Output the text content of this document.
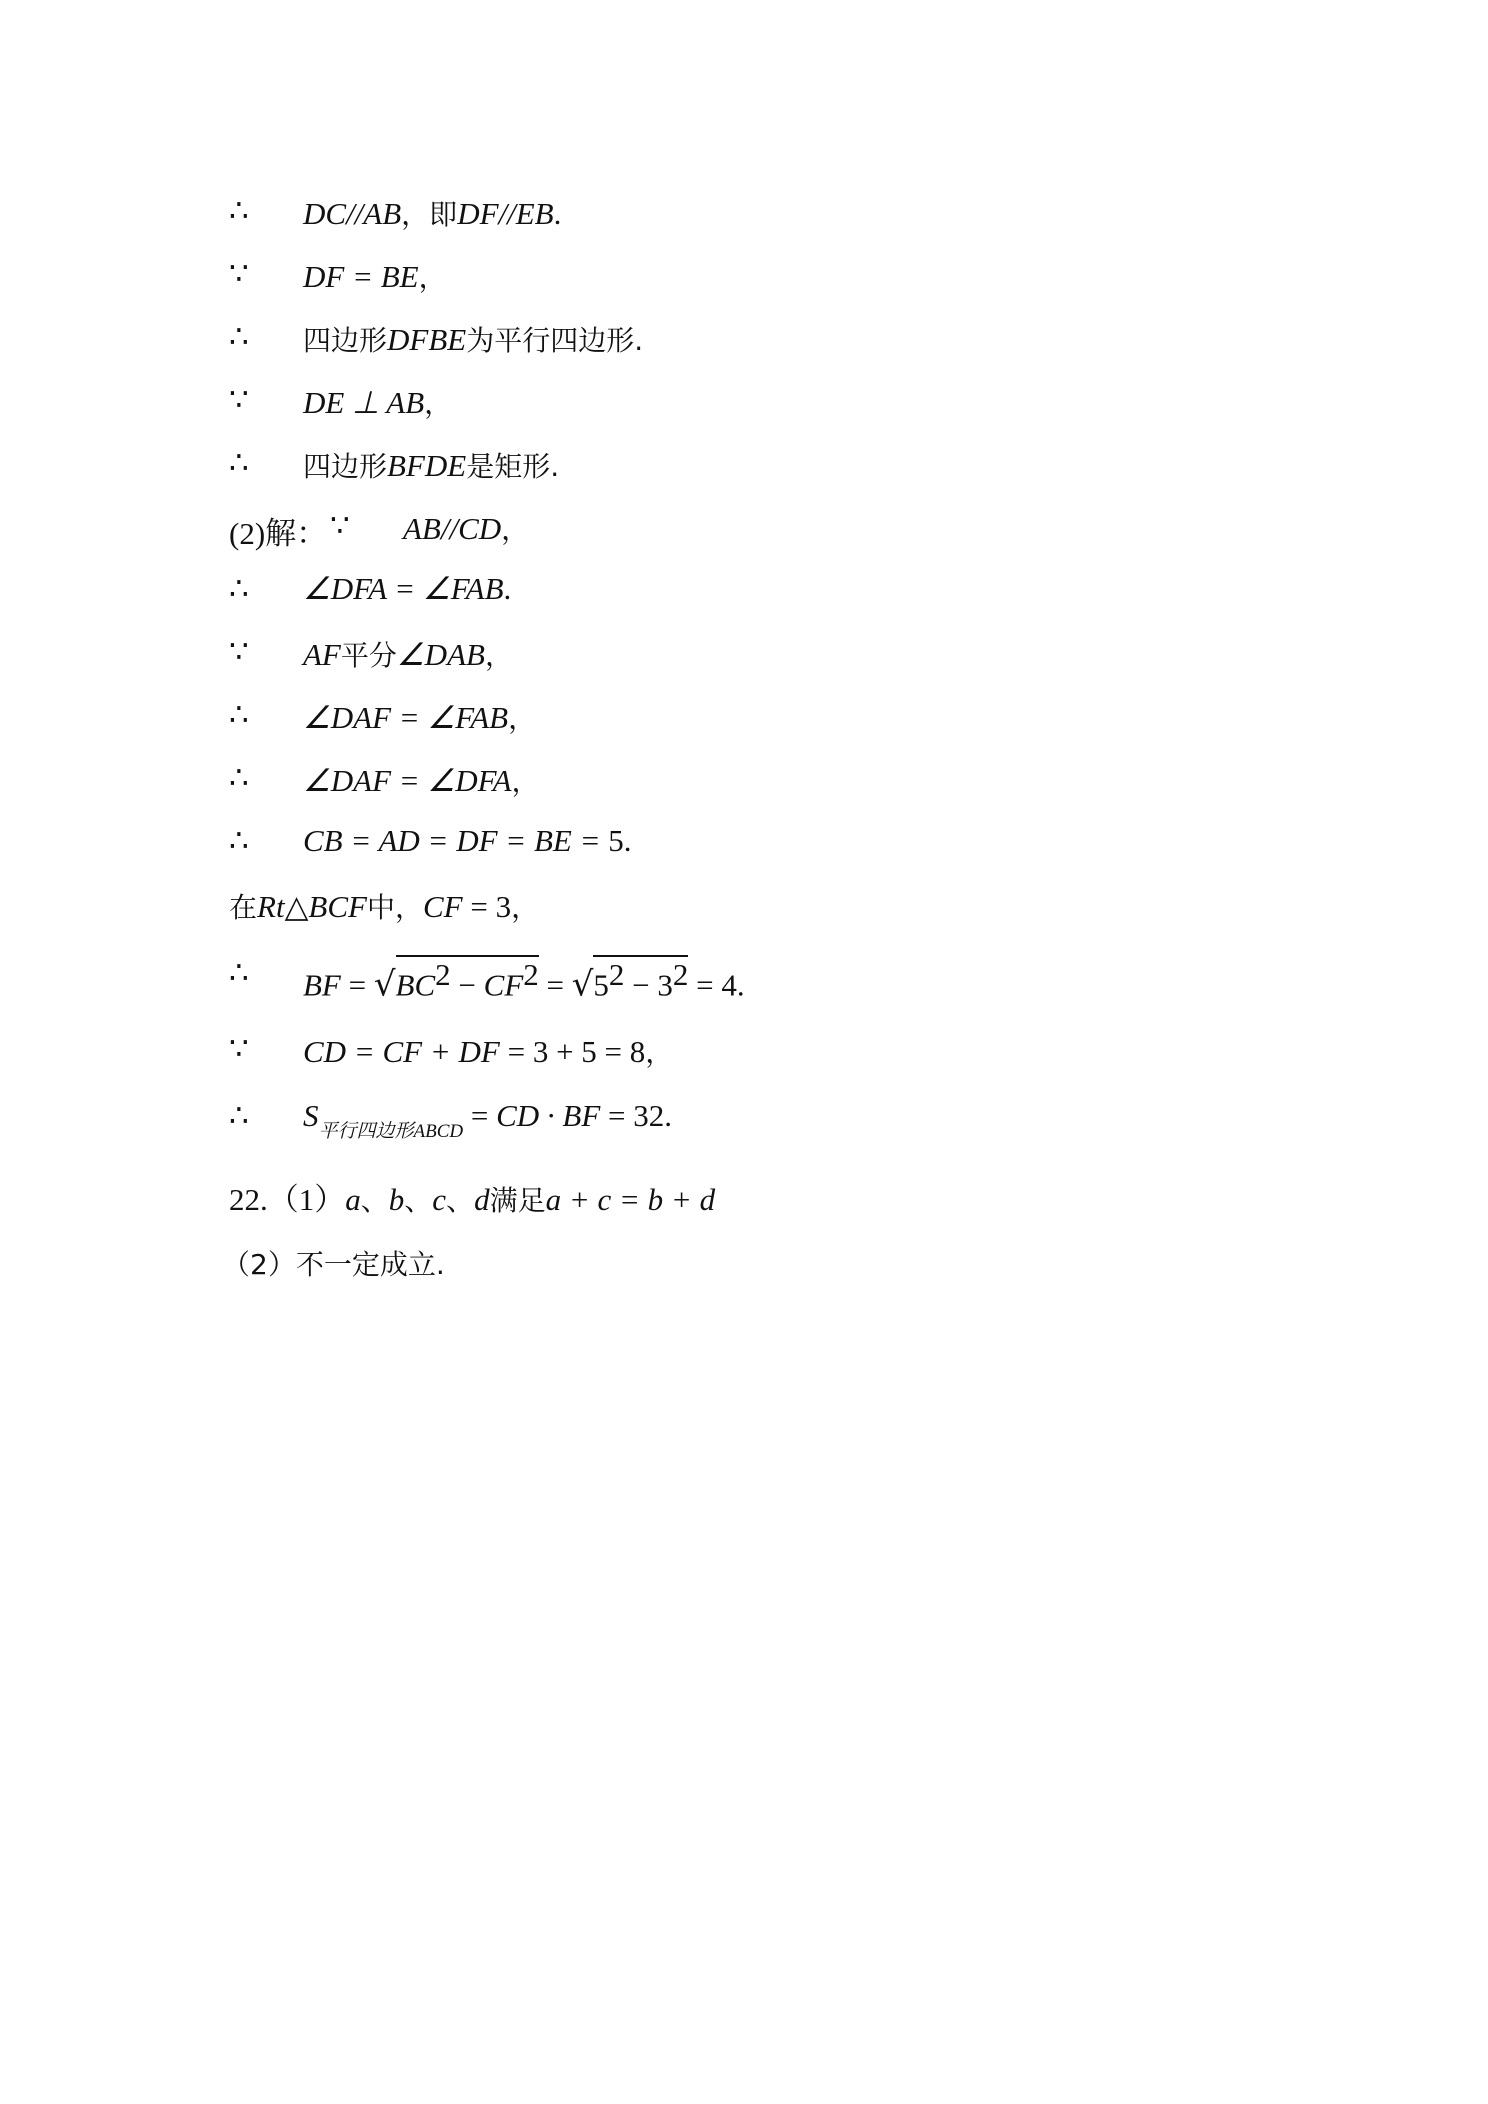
∴ DC//AB，即DF//EB.
∵ DF = BE，
∴ 四边形DFBE为平行四边形.
∵ DE ⊥ AB，
∴ 四边形BFDE是矩形.
(2)解： ∵ AB//CD，
∴ ∠DFA = ∠FAB.
∵ AF平分∠DAB，
∴ ∠DAF = ∠FAB，
∴ ∠DAF = ∠DFA，
∴ CB = AD = DF = BE = 5.
在Rt△BCF中，CF = 3，
∴ BF = $√BC^2 - CF^2 = √5^2 - 3^2 = 4$.
∵ CD = CF + DF = 3 + 5 = 8，
∴ $S_{平行四边形ABCD}$ = CD · BF = 32.
22.（1）a、b、c、d满足a + c = b + d
（2）不一定成立.
